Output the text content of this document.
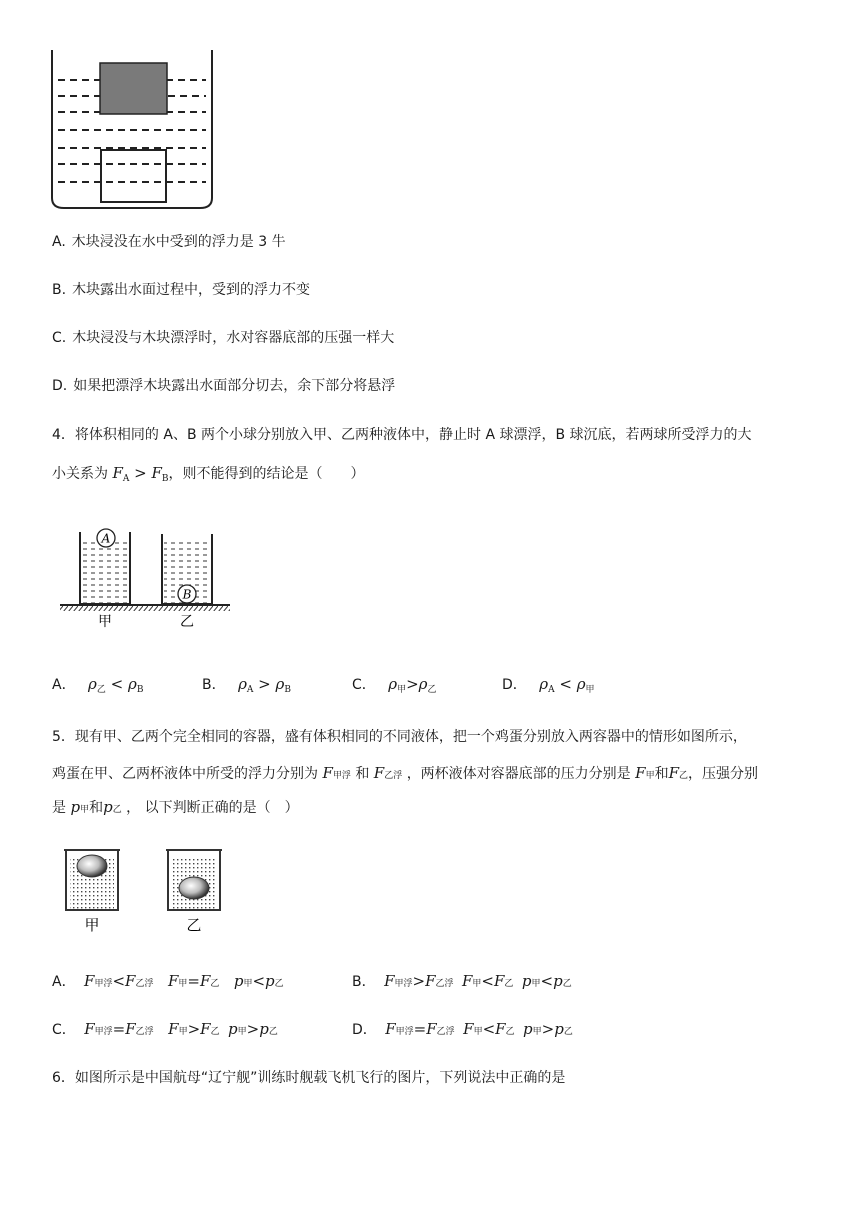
A. 木块浸没在水中受到的浮力是 3 牛
B. 木块露出水面过程中，受到的浮力不变
C. 木块浸没与木块漂浮时，水对容器底部的压强一样大
D. 如果把漂浮木块露出水面部分切去，余下部分将悬浮
4．将体积相同的 A、B 两个小球分别放入甲、乙两种液体中，静止时 A 球漂浮，B 球沉底，若两球所受浮力的大
小关系为 $F_A > F_B$，则不能得到的结论是（　　）
A
B
甲	乙
A． $\rho_乙 < \rho_B$	B． $\rho_A > \rho_B$	C． $\rho_甲>\rho_乙$	D． $\rho_A < \rho_甲$
5．现有甲、乙两个完全相同的容器，盛有体积相同的不同液体，把一个鸡蛋分别放入两容器中的情形如图所示，
鸡蛋在甲、乙两杯液体中所受的浮力分别为 F甲浮 和 F乙浮 ，两杯液体对容器底部的压力分别是 F甲和F乙，压强分别
是 p甲和p乙 ， 以下判断正确的是（　）
甲	乙
A． F甲浮<F乙浮 F甲=F乙 p甲<p乙	B． F甲浮>F乙浮 F甲<F乙 p甲<p乙
C． F甲浮=F乙浮 F甲>F乙 p甲>p乙	D． F甲浮=F乙浮 F甲<F乙 p甲>p乙
6．如图所示是中国航母“辽宁舰”训练时舰载飞机飞行的图片，下列说法中正确的是
